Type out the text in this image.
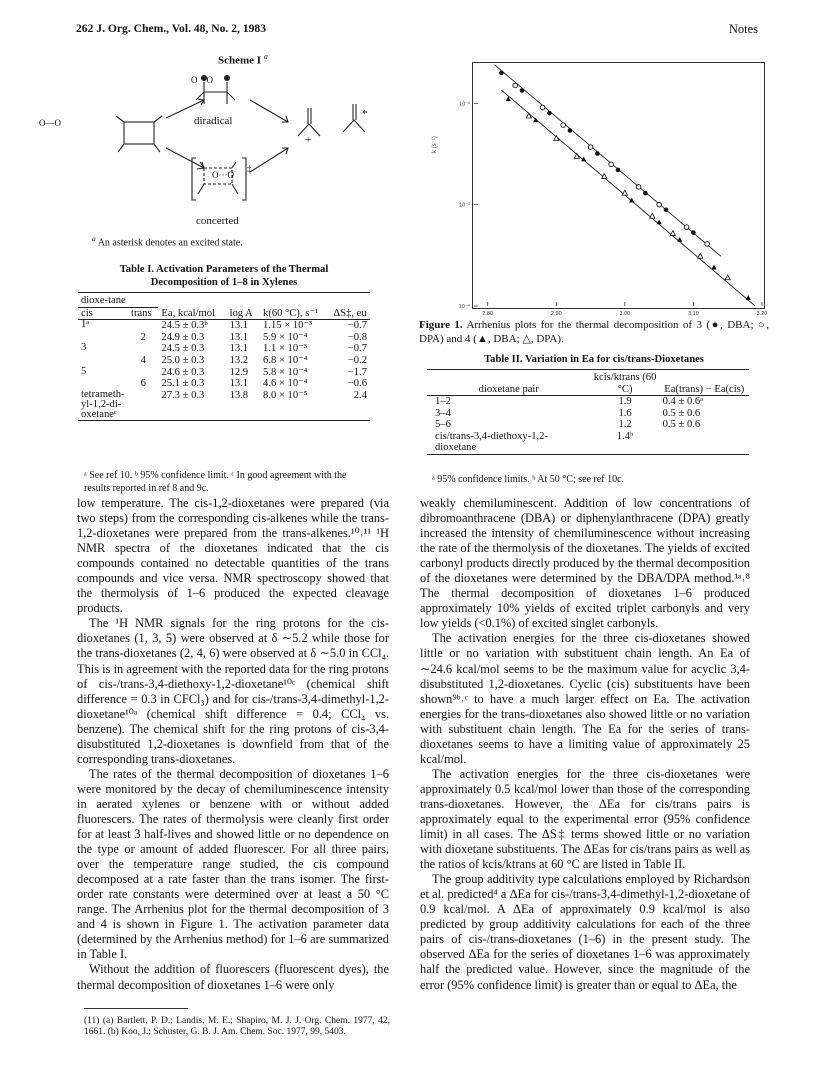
262 J. Org. Chem., Vol. 48, No. 2, 1983	Notes
Scheme I $^a$
O—O
O    O
diradical
O···O
‡
+
*
concerted
$^a$ An asterisk denotes an excited state.
Table I. Activation Parameters of the Thermal
Decomposition of 1–8 in Xylenes
dioxe-tane					ΔS‡, eu
cis	trans	Ea, kcal/mol	log A	k(60 °C), s⁻¹	
1ᵃ		24.5 ± 0.3ᵇ	13.1	1.15 × 10⁻³	−0.7
	2	24.9 ± 0.3	13.1	5.9 × 10⁻⁴	−0.8
3		24.5 ± 0.3	13.1	1.1 × 10⁻³	−0.7
	4	25.0 ± 0.3	13.2	6.8 × 10⁻⁴	−0.2
5		24.6 ± 0.3	12.9	5.8 × 10⁻⁴	−1.7
	6	25.1 ± 0.3	13.1	4.6 × 10⁻⁴	−0.6
tetrameth-yl-1,2-di-oxetaneᶜ		27.3 ± 0.3	13.8	8.0 × 10⁻⁵	2.4
ᵃ See ref 10. ᵇ 95% confidence limit. ᶜ In good agreement with the results reported in ref 8 and 9c.
2.80	2.90	3.00	3.10	3.20
10⁻²
10⁻³
10⁻⁴
k (s⁻¹)
Figure 1. Arrhenius plots for the thermal decomposition of 3 (●, DBA; ○, DPA) and 4 (▲, DBA; △, DPA).
Table II. Variation in Ea for cis/trans-Dioxetanes
dioxetane pair	kcis/ktrans (60 °C)	Ea(trans) − Ea(cis)
1–2	1.9	0.4 ± 0.6ᵃ
3–4	1.6	0.5 ± 0.6
5–6	1.2	0.5 ± 0.6
cis/trans-3,4-diethoxy-1,2-dioxetane	1.4ᵇ	
ᵃ 95% confidence limits. ᵇ At 50 °C; see ref 10c.

low temperature. The cis-1,2-dioxetanes were prepared (via two steps) from the corresponding cis-alkenes while the trans-1,2-dioxetanes were prepared from the trans-alkenes.¹⁰˒¹¹ ¹H NMR spectra of the dioxetanes indicated that the cis compounds contained no detectable quantities of the trans compounds and vice versa. NMR spectroscopy showed that the thermolysis of 1–6 produced the expected cleavage products.

The ¹H NMR signals for the ring protons for the cis-dioxetanes (1, 3, 5) were observed at δ ∼5.2 while those for the trans-dioxetanes (2, 4, 6) were observed at δ ∼5.0 in CCl₄. This is in agreement with the reported data for the ring protons of cis-/trans-3,4-diethoxy-1,2-dioxetane¹⁰ᶜ (chemical shift difference = 0.3 in CFCl₃) and for cis-/trans-3,4-dimethyl-1,2-dioxetane¹⁰ᵃ (chemical shift difference = 0.4; CCl₄ vs. benzene). The chemical shift for the ring protons of cis-3,4-disubstituted 1,2-dioxetanes is downfield from that of the corresponding trans-dioxetanes.

The rates of the thermal decomposition of dioxetanes 1–6 were monitored by the decay of chemiluminescence intensity in aerated xylenes or benzene with or without added fluorescers. The rates of thermolysis were cleanly first order for at least 3 half-lives and showed little or no dependence on the type or amount of added fluorescer. For all three pairs, over the temperature range studied, the cis compound decomposed at a rate faster than the trans isomer. The first-order rate constants were determined over at least a 50 °C range. The Arrhenius plot for the thermal decomposition of 3 and 4 is shown in Figure 1. The activation parameter data (determined by the Arrhenius method) for 1–6 are summarized in Table I.

Without the addition of fluorescers (fluorescent dyes), the thermal decomposition of dioxetanes 1–6 were only

(11) (a) Bartlett, P. D.; Landis, M. E.; Shapiro, M. J. J. Org. Chem. 1977, 42, 1661. (b) Koo, J.; Schuster, G. B. J. Am. Chem. Soc. 1977, 99, 5403.

weakly chemiluminescent. Addition of low concentrations of dibromoanthracene (DBA) or diphenylanthracene (DPA) greatly increased the intensity of chemiluminescence without increasing the rate of the thermolysis of the dioxetanes. The yields of excited carbonyl products directly produced by the thermal decomposition of the dioxetanes were determined by the DBA/DPA method.¹ᵃ˒⁸ The thermal decomposition of dioxetanes 1–6 produced approximately 10% yields of excited triplet carbonyls and very low yields (<0.1%) of excited singlet carbonyls.

The activation energies for the three cis-dioxetanes showed little or no variation with substituent chain length. An Ea of ∼24.6 kcal/mol seems to be the maximum value for acyclic 3,4-disubstituted 1,2-dioxetanes. Cyclic (cis) substituents have been shown⁹ᵇ˒ᶜ to have a much larger effect on Ea. The activation energies for the trans-dioxetanes also showed little or no variation with substituent chain length. The Ea for the series of trans-dioxetanes seems to have a limiting value of approximately 25 kcal/mol.

The activation energies for the three cis-dioxetanes were approximately 0.5 kcal/mol lower than those of the corresponding trans-dioxetanes. However, the ΔEa for cis/trans pairs is approximately equal to the experimental error (95% confidence limit) in all cases. The ΔS‡ terms showed little or no variation with dioxetane substituents. The ΔEas for cis/trans pairs as well as the ratios of kcis/ktrans at 60 °C are listed in Table II.

The group additivity type calculations employed by Richardson et al. predicted⁴ a ΔEa for cis-/trans-3,4-dimethyl-1,2-dioxetane of 0.9 kcal/mol. A ΔEa of approximately 0.9 kcal/mol is also predicted by group additivity calculations for each of the three pairs of cis-/trans-dioxetanes (1–6) in the present study. The observed ΔEa for the series of dioxetanes 1–6 was approximately half the predicted value. However, since the magnitude of the error (95% confidence limit) is greater than or equal to ΔEa, the
